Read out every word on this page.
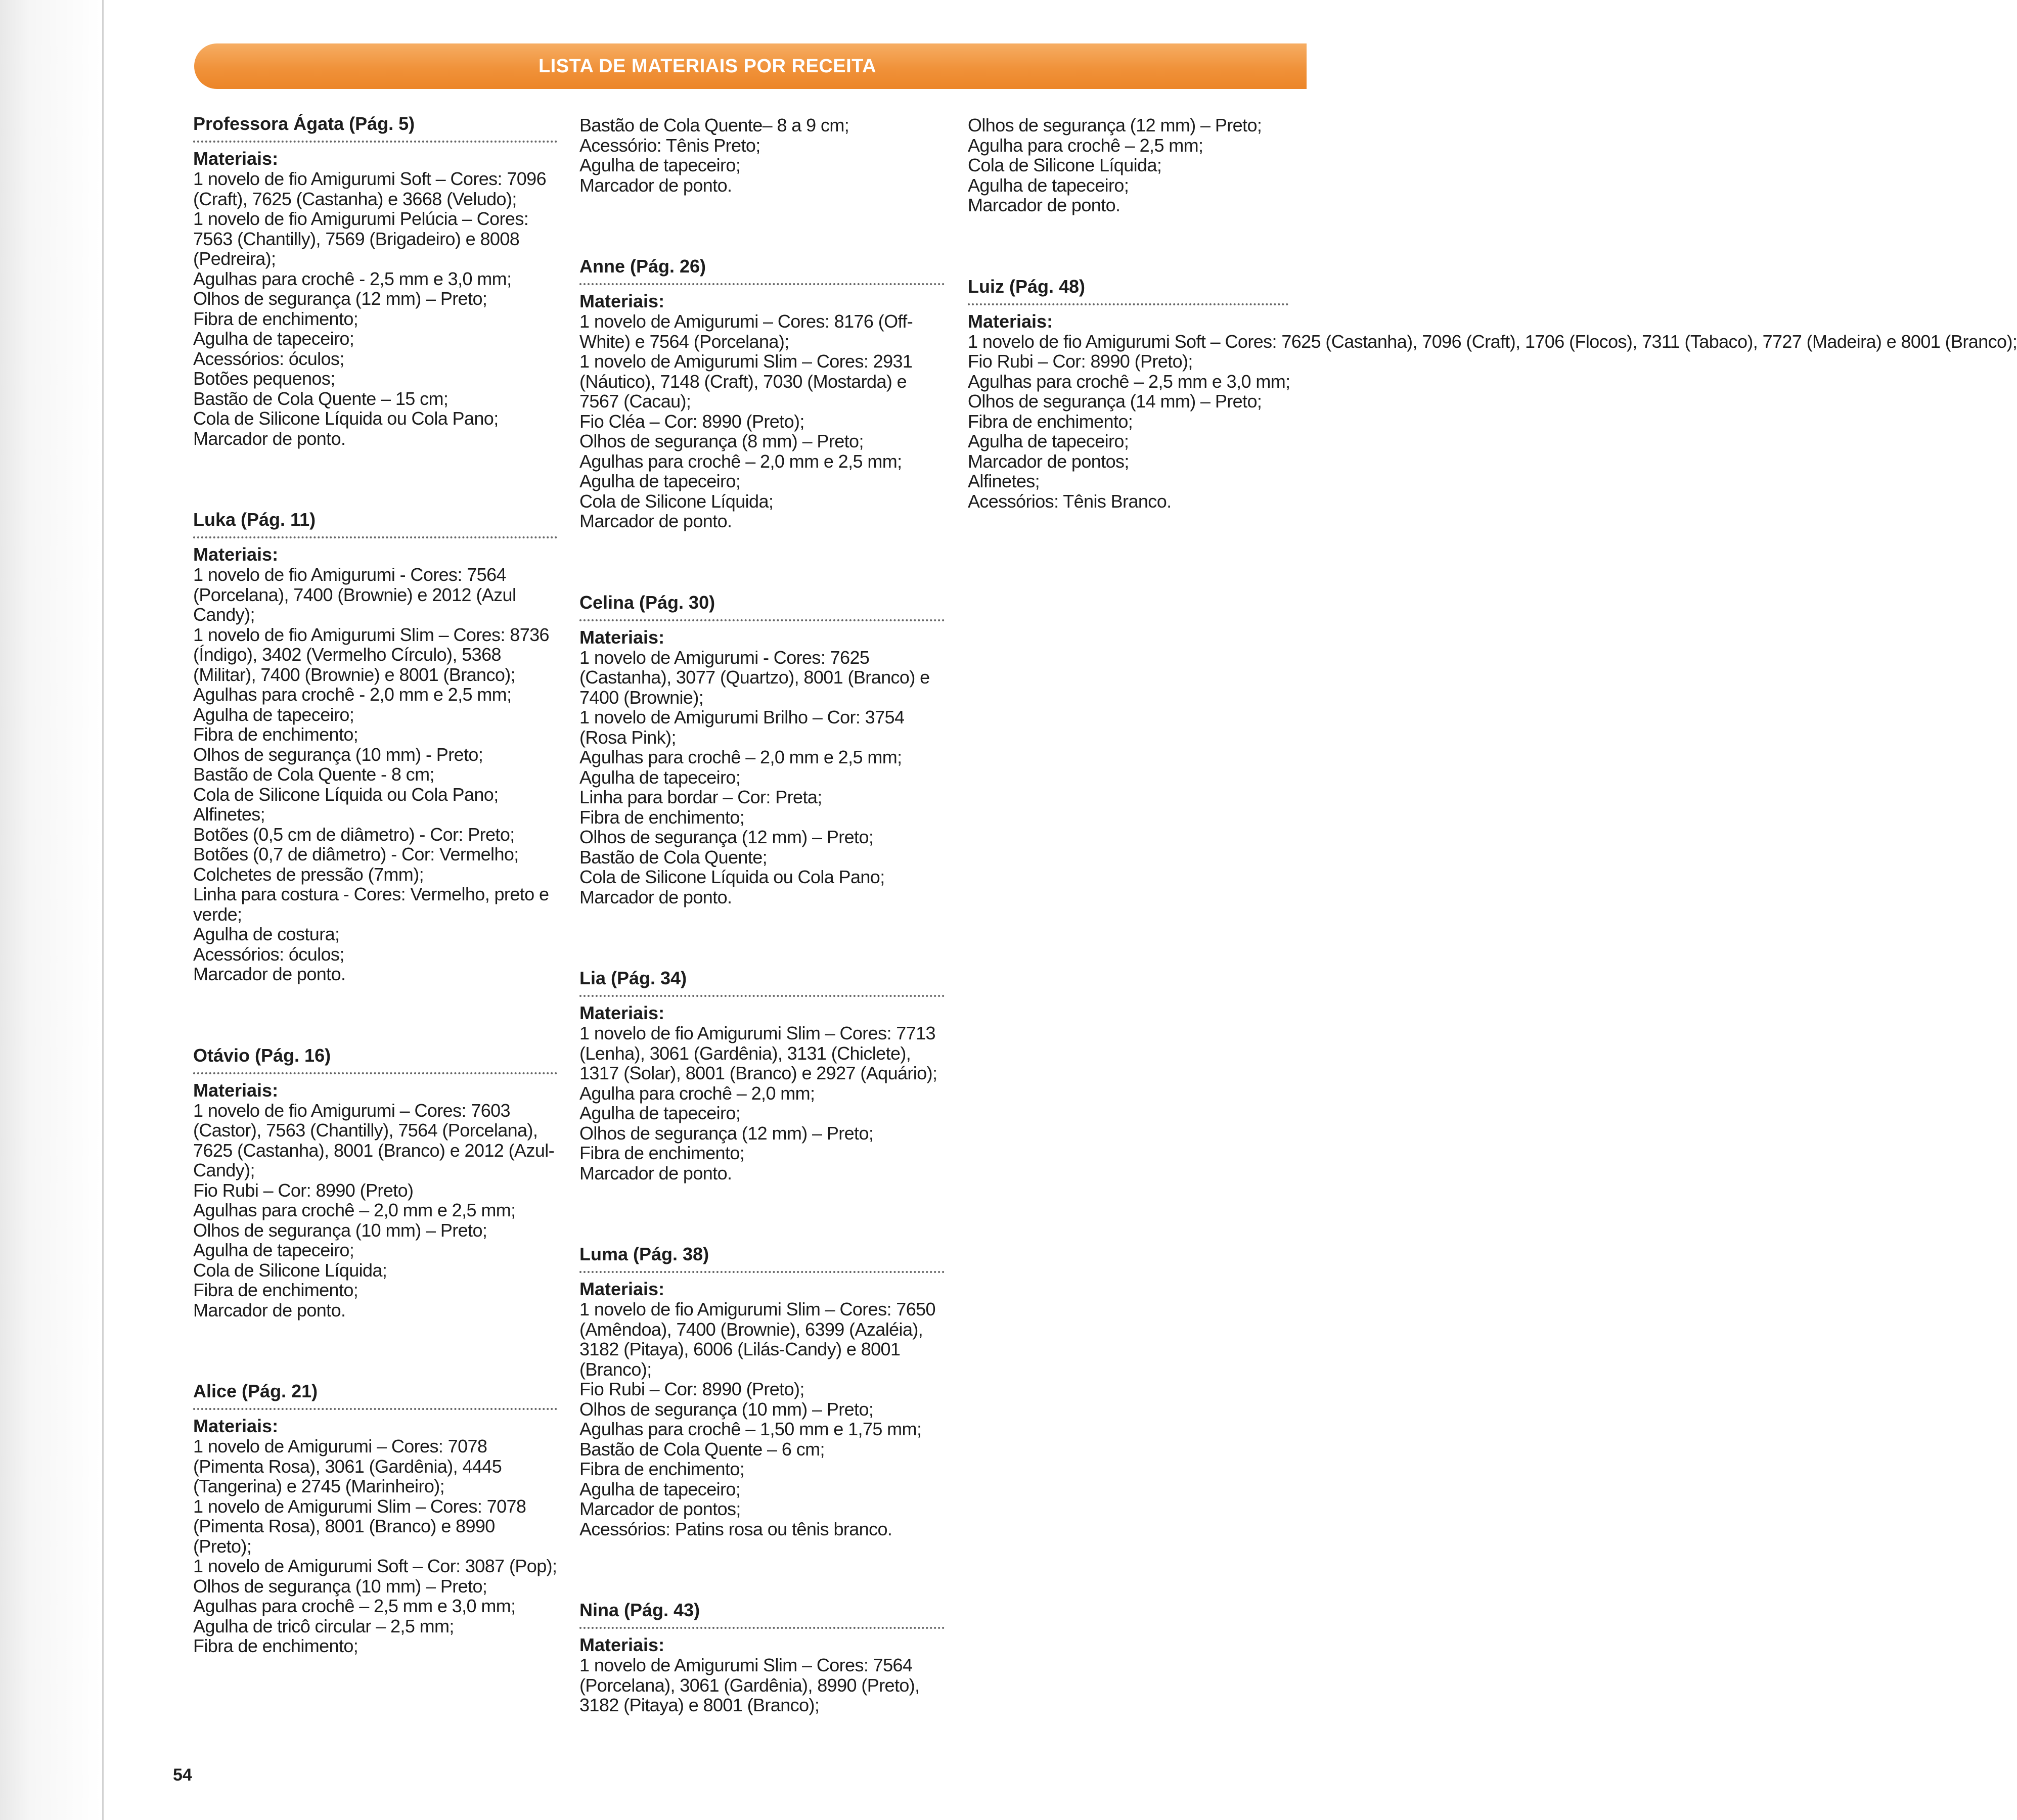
LISTA DE MATERIAIS POR RECEITA
Professora Ágata (Pág. 5)
Materiais:
1 novelo de fio Amigurumi Soft – Cores: 7096 (Craft), 7625 (Castanha) e 3668 (Veludo);
1 novelo de fio Amigurumi Pelúcia – Cores: 7563 (Chantilly), 7569 (Brigadeiro) e 8008 (Pedreira);
Agulhas para crochê - 2,5 mm e 3,0 mm;
Olhos de segurança (12 mm) – Preto;
Fibra de enchimento;
Agulha de tapeceiro;
Acessórios: óculos;
Botões pequenos;
Bastão de Cola Quente – 15 cm;
Cola de Silicone Líquida ou Cola Pano;
Marcador de ponto.
Luka (Pág. 11)
Materiais:
1 novelo de fio Amigurumi - Cores: 7564 (Porcelana), 7400 (Brownie) e 2012 (Azul Candy);
1 novelo de fio Amigurumi Slim – Cores: 8736 (Índigo), 3402 (Vermelho Círculo), 5368 (Militar), 7400 (Brownie) e 8001 (Branco);
Agulhas para crochê - 2,0 mm e 2,5 mm;
Agulha de tapeceiro;
Fibra de enchimento;
Olhos de segurança (10 mm) - Preto;
Bastão de Cola Quente - 8 cm;
Cola de Silicone Líquida ou Cola Pano;
Alfinetes;
Botões (0,5 cm de diâmetro) - Cor: Preto;
Botões (0,7 de diâmetro) - Cor: Vermelho;
Colchetes de pressão (7mm);
Linha para costura - Cores: Vermelho, preto e verde;
Agulha de costura;
Acessórios: óculos;
Marcador de ponto.
Otávio (Pág. 16)
Materiais:
1 novelo de fio Amigurumi – Cores: 7603 (Castor), 7563 (Chantilly), 7564 (Porcelana), 7625 (Castanha), 8001 (Branco) e 2012 (Azul-Candy);
Fio Rubi – Cor: 8990 (Preto)
Agulhas para crochê – 2,0 mm e 2,5 mm;
Olhos de segurança (10 mm) – Preto;
Agulha de tapeceiro;
Cola de Silicone Líquida;
Fibra de enchimento;
Marcador de ponto.
Alice (Pág. 21)
Materiais:
1 novelo de Amigurumi – Cores: 7078 (Pimenta Rosa), 3061 (Gardênia), 4445 (Tangerina) e 2745 (Marinheiro);
1 novelo de Amigurumi Slim – Cores: 7078 (Pimenta Rosa), 8001 (Branco) e 8990 (Preto);
1 novelo de Amigurumi Soft – Cor: 3087 (Pop);
Olhos de segurança (10 mm) – Preto;
Agulhas para crochê – 2,5 mm e 3,0 mm;
Agulha de tricô circular – 2,5 mm;
Fibra de enchimento;
Bastão de Cola Quente– 8 a 9 cm;
Acessório: Tênis Preto;
Agulha de tapeceiro;
Marcador de ponto.
Anne (Pág. 26)
Materiais:
1 novelo de Amigurumi – Cores: 8176 (Off-White) e 7564 (Porcelana);
1 novelo de Amigurumi Slim – Cores: 2931 (Náutico), 7148 (Craft), 7030 (Mostarda) e 7567 (Cacau);
Fio Cléa – Cor: 8990 (Preto);
Olhos de segurança (8 mm) – Preto;
Agulhas para crochê – 2,0 mm e 2,5 mm;
Agulha de tapeceiro;
Cola de Silicone Líquida;
Marcador de ponto.
Celina (Pág. 30)
Materiais:
1 novelo de Amigurumi - Cores: 7625 (Castanha), 3077 (Quartzo), 8001 (Branco) e 7400 (Brownie);
1 novelo de Amigurumi Brilho – Cor: 3754 (Rosa Pink);
Agulhas para crochê – 2,0 mm e 2,5 mm;
Agulha de tapeceiro;
Linha para bordar – Cor: Preta;
Fibra de enchimento;
Olhos de segurança (12 mm) – Preto;
Bastão de Cola Quente;
Cola de Silicone Líquida ou Cola Pano;
Marcador de ponto.
Lia (Pág. 34)
Materiais:
1 novelo de fio Amigurumi Slim – Cores: 7713 (Lenha), 3061 (Gardênia), 3131 (Chiclete), 1317 (Solar), 8001 (Branco) e 2927 (Aquário);
Agulha para crochê – 2,0 mm;
Agulha de tapeceiro;
Olhos de segurança (12 mm) – Preto;
Fibra de enchimento;
Marcador de ponto.
Luma (Pág. 38)
Materiais:
1 novelo de fio Amigurumi Slim – Cores: 7650 (Amêndoa), 7400 (Brownie), 6399 (Azaléia), 3182 (Pitaya), 6006 (Lilás-Candy) e 8001 (Branco);
Fio Rubi – Cor: 8990 (Preto);
Olhos de segurança (10 mm) – Preto;
Agulhas para crochê – 1,50 mm e 1,75 mm;
Bastão de Cola Quente – 6 cm;
Fibra de enchimento;
Agulha de tapeceiro;
Marcador de pontos;
Acessórios: Patins rosa ou tênis branco.
Nina (Pág. 43)
Materiais:
1 novelo de Amigurumi Slim – Cores: 7564 (Porcelana), 3061 (Gardênia), 8990 (Preto), 3182 (Pitaya) e 8001 (Branco);
Olhos de segurança (12 mm) – Preto;
Agulha para crochê – 2,5 mm;
Cola de Silicone Líquida;
Agulha de tapeceiro;
Marcador de ponto.
Luiz (Pág. 48)
Materiais:
1 novelo de fio Amigurumi Soft – Cores: 7625 (Castanha), 7096 (Craft), 1706 (Flocos), 7311 (Tabaco), 7727 (Madeira) e 8001 (Branco);
Fio Rubi – Cor: 8990 (Preto);
Agulhas para crochê – 2,5 mm e 3,0 mm;
Olhos de segurança (14 mm) – Preto;
Fibra de enchimento;
Agulha de tapeceiro;
Marcador de pontos;
Alfinetes;
Acessórios: Tênis Branco.
54
